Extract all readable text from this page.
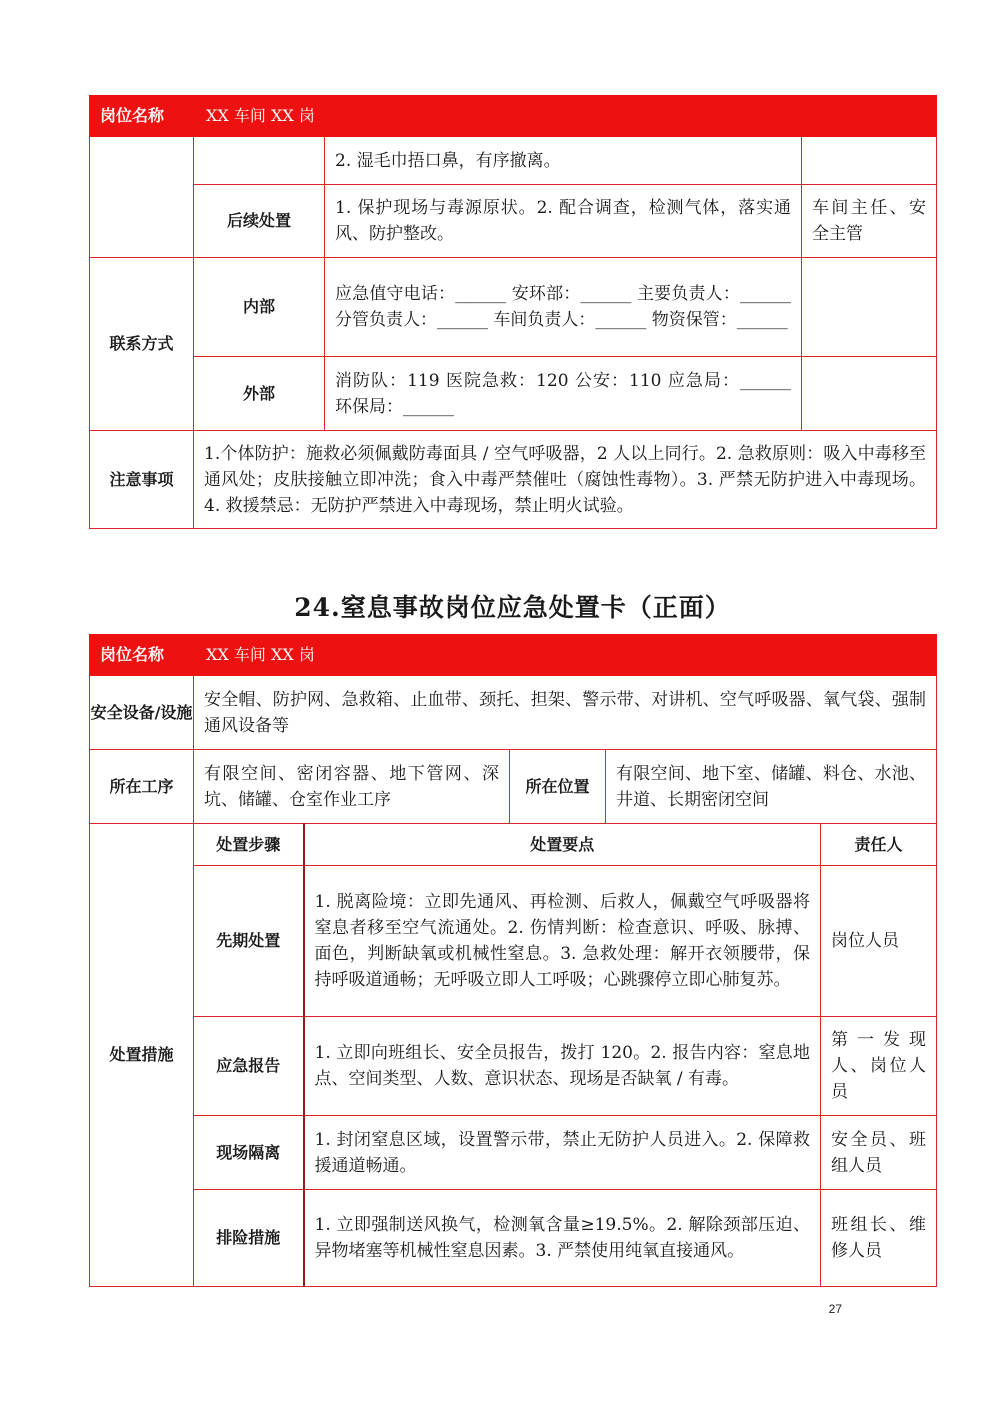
岗位名称	XX 车间 XX 岗		
		2. 湿毛巾捂口鼻，有序撤离。	
	后续处置	1. 保护现场与毒源原状。2. 配合调查，检测气体，落实通风、防护整改。	车间主任、安全主管
联系方式	内部	应急值守电话：______ 安环部：______ 主要负责人：______ 分管负责人：______ 车间负责人：______ 物资保管：______	
	外部	消防队：119 医院急救：120 公安：110 应急局：______ 环保局：______	
注意事项	1.个体防护：施救必须佩戴防毒面具 / 空气呼吸器，2 人以上同行。2. 急救原则：吸入中毒移至通风处；皮肤接触立即冲洗；食入中毒严禁催吐（腐蚀性毒物）。3. 严禁无防护进入中毒现场。4. 救援禁忌：无防护严禁进入中毒现场，禁止明火试验。		
24.窒息事故岗位应急处置卡（正面）
岗位名称	XX 车间 XX 岗				
安全设备/设施	安全帽、防护网、急救箱、止血带、颈托、担架、警示带、对讲机、空气呼吸器、氧气袋、强制通风设备等				
所在工序	有限空间、密闭容器、地下管网、深坑、储罐、仓室作业工序		所在位置	有限空间、地下室、储罐、料仓、水池、井道、长期密闭空间	
处置措施	处置步骤	处置要点			责任人
	先期处置	1. 脱离险境：立即先通风、再检测、后救人，佩戴空气呼吸器将窒息者移至空气流通处。2. 伤情判断：检查意识、呼吸、脉搏、面色，判断缺氧或机械性窒息。3. 急救处理：解开衣领腰带，保持呼吸道通畅；无呼吸立即人工呼吸；心跳骤停立即心肺复苏。			岗位人员
	应急报告	1. 立即向班组长、安全员报告，拨打 120。2. 报告内容：窒息地点、空间类型、人数、意识状态、现场是否缺氧 / 有毒。			第一发现人、岗位人员
	现场隔离	1. 封闭窒息区域，设置警示带，禁止无防护人员进入。2. 保障救援通道畅通。			安全员、班组人员
	排险措施	1. 立即强制送风换气，检测氧含量≥19.5%。2. 解除颈部压迫、异物堵塞等机械性窒息因素。3. 严禁使用纯氧直接通风。			班组长、维修人员
27
